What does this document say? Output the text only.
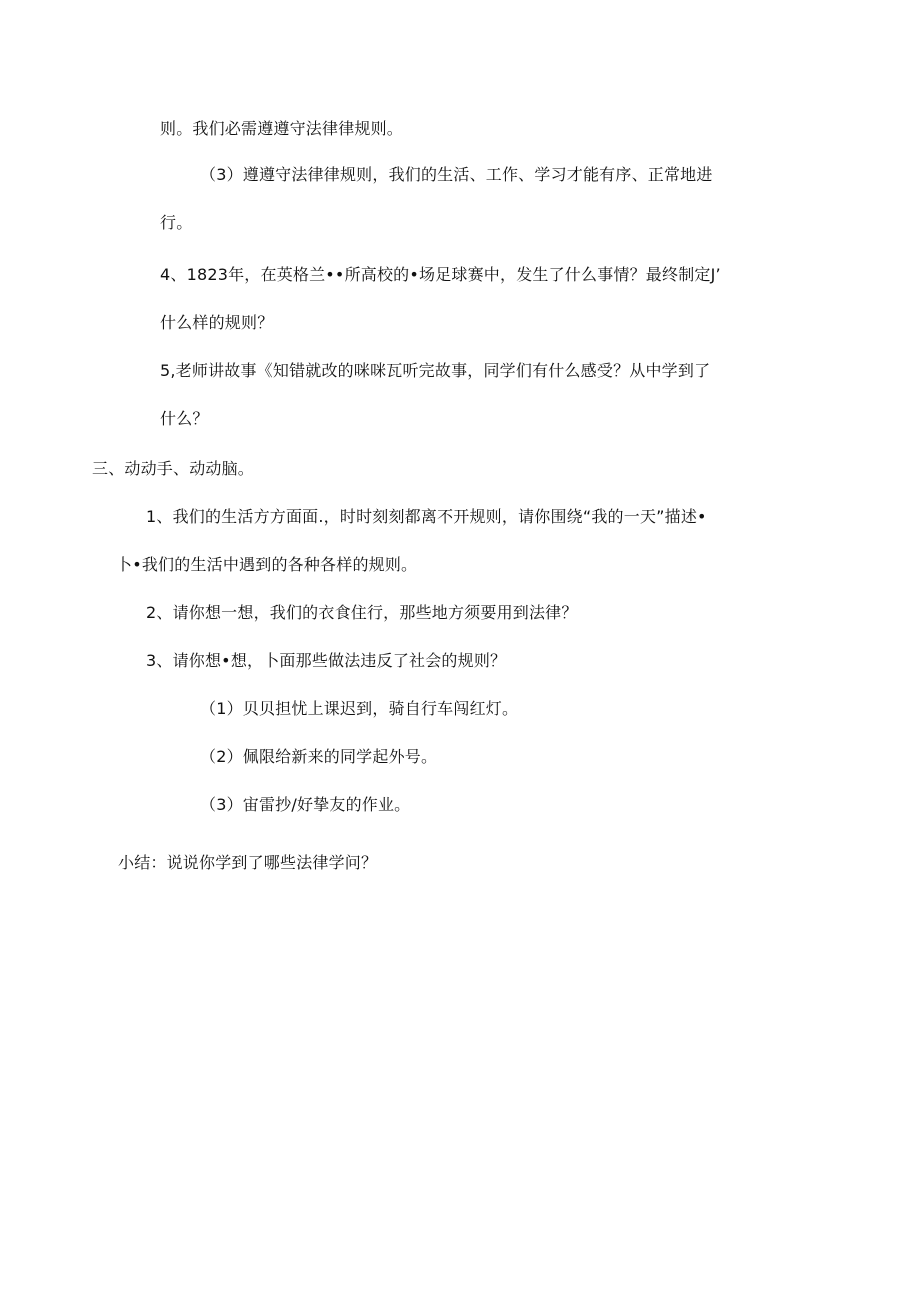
则。我们必需遵遵守法律律规则。
（3）遵遵守法律律规则，我们的生活、工作、学习才能有序、正常地进
行。
4、1823年，在英格兰••所高校的•场足球赛中，发生了什么事情？最终制定J’
什么样的规则？
5,老师讲故事《知错就改的咪咪瓦听完故事，同学们有什么感受？从中学到了
什么？
三、动动手、动动脑。
1、我们的生活方方面面.，时时刻刻都离不开规则，请你围绕“我的一天”描述•
卜•我们的生活中遇到的各种各样的规则。
2、请你想一想，我们的衣食住行，那些地方须要用到法律？
3、请你想•想，卜面那些做法违反了社会的规则？
（1）贝贝担忧上课迟到，骑自行车闯红灯。
（2）佩限给新来的同学起外号。
（3）宙雷抄/好挚友的作业。
小结：说说你学到了哪些法律学问？
